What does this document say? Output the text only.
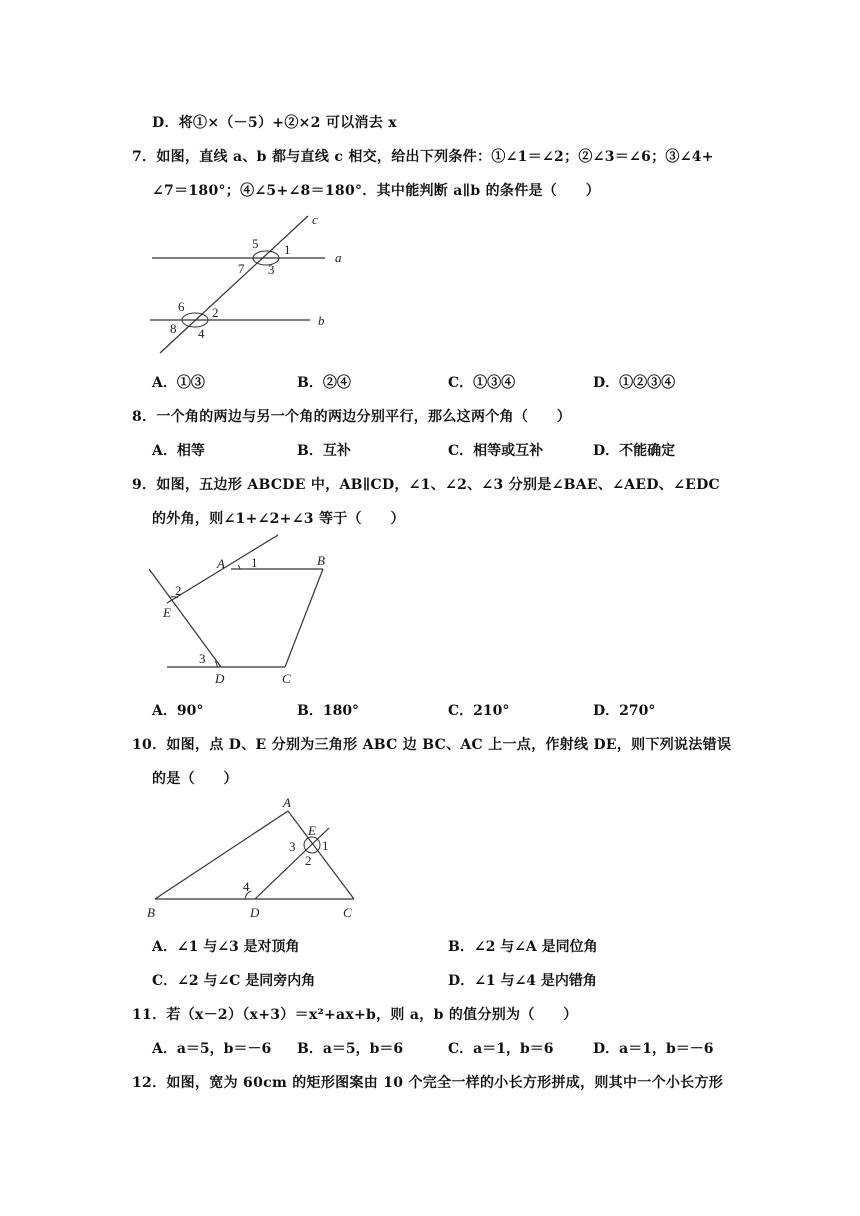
D．将①×（－5）+②×2 可以消去 x
7．如图，直线 a、b 都与直线 c 相交，给出下列条件：①∠1＝∠2；②∠3＝∠6；③∠4+
∠7＝180°；④∠5+∠8＝180°．其中能判断 a∥b 的条件是（　　）
c
a
b
5 1
7 3
6 2
8 4
A．①③	B．②④	C．①③④	D．①②③④
8．一个角的两边与另一个角的两边分别平行，那么这两个角（　　）
A．相等	B．互补	C．相等或互补	D．不能确定
9．如图，五边形 ABCDE 中，AB∥CD，∠1、∠2、∠3 分别是∠BAE、∠AED、∠EDC
的外角，则∠1+∠2+∠3 等于（　　）
A	B
C
D
E
1
2
3
A．90°	B．180°	C．210°	D．270°
10．如图，点 D、E 分别为三角形 ABC 边 BC、AC 上一点，作射线 DE，则下列说法错误
的是（　　）
A
B	C
D
E
1
2
3
4
A．∠1 与∠3 是对顶角	B．∠2 与∠A 是同位角
C．∠2 与∠C 是同旁内角	D．∠1 与∠4 是内错角
11．若（x－2）（x+3）＝x²+ax+b，则 a，b 的值分别为（　　）
A．a＝5，b＝－6 B．a＝5，b＝6	C．a＝1，b＝6	D．a＝1，b＝－6
12．如图，宽为 60cm 的矩形图案由 10 个完全一样的小长方形拼成，则其中一个小长方形
